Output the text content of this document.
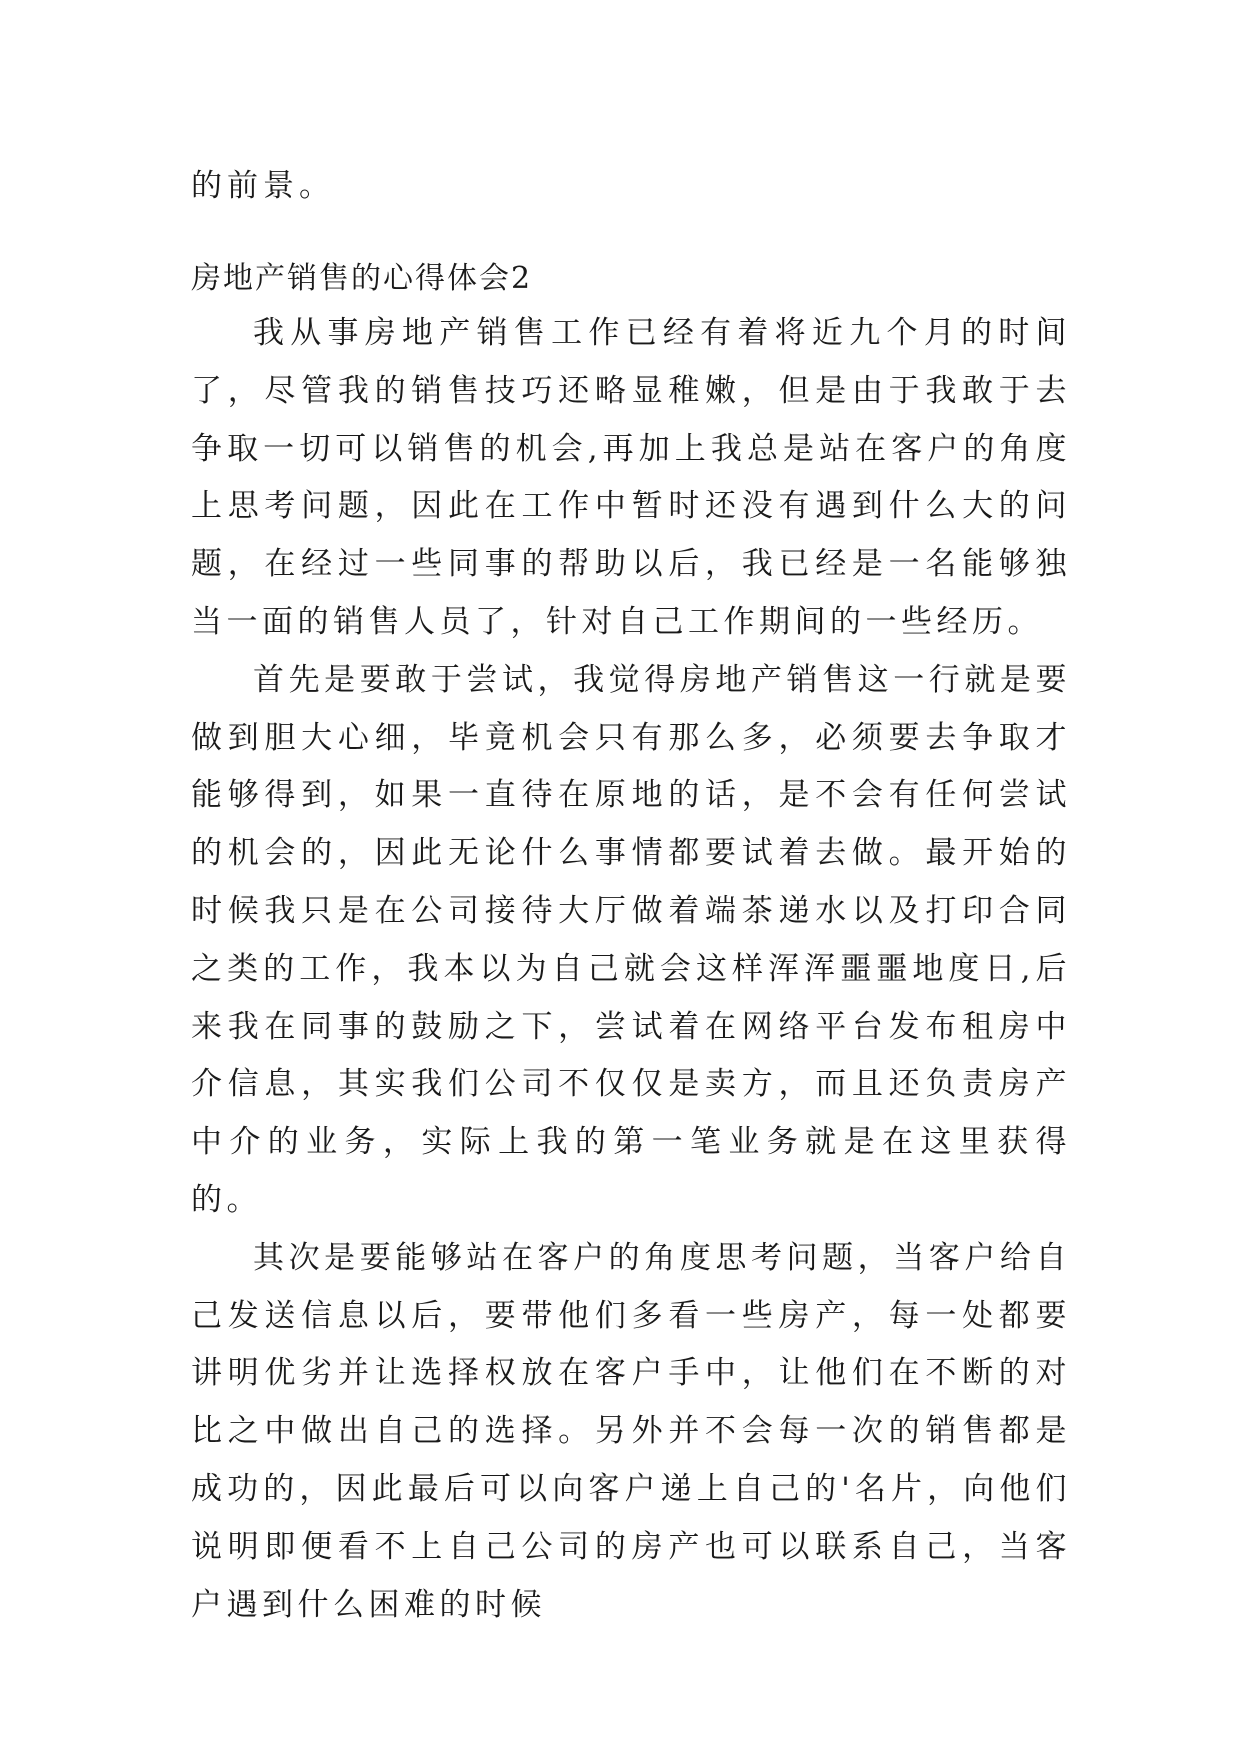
的前景。

房地产销售的心得体会2

我从事房地产销售工作已经有着将近九个月的时间了，尽管我的销售技巧还略显稚嫩，但是由于我敢于去争取一切可以销售的机会,再加上我总是站在客户的角度上思考问题，因此在工作中暂时还没有遇到什么大的问题，在经过一些同事的帮助以后，我已经是一名能够独当一面的销售人员了，针对自己工作期间的一些经历。

首先是要敢于尝试，我觉得房地产销售这一行就是要做到胆大心细，毕竟机会只有那么多，必须要去争取才能够得到，如果一直待在原地的话，是不会有任何尝试的机会的，因此无论什么事情都要试着去做。最开始的时候我只是在公司接待大厅做着端茶递水以及打印合同之类的工作，我本以为自己就会这样浑浑噩噩地度日,后来我在同事的鼓励之下，尝试着在网络平台发布租房中介信息，其实我们公司不仅仅是卖方，而且还负责房产中介的业务，实际上我的第一笔业务就是在这里获得的。

其次是要能够站在客户的角度思考问题，当客户给自己发送信息以后，要带他们多看一些房产，每一处都要讲明优劣并让选择权放在客户手中，让他们在不断的对比之中做出自己的选择。另外并不会每一次的销售都是成功的，因此最后可以向客户递上自己的'名片，向他们说明即便看不上自己公司的房产也可以联系自己，当客户遇到什么困难的时候
